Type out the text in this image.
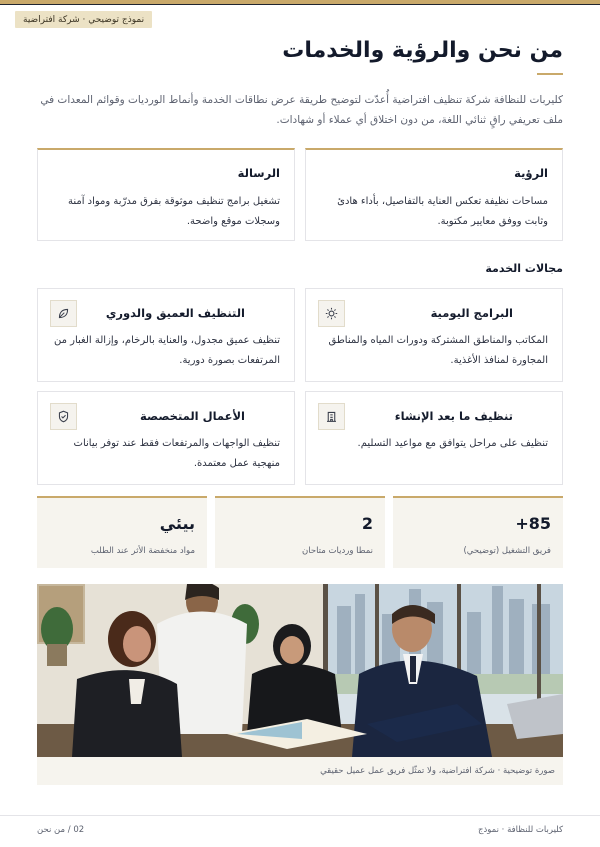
نموذج توضيحي · شركة افتراضية
من نحن والرؤية والخدمات

كليربات للنظافة شركة تنظيف افتراضية أُعدّت لتوضيح طريقة عرض نطاقات الخدمة وأنماط الورديات وقوائم المعدات في ملف تعريفي راقٍ ثنائي اللغة، من دون اختلاق أي عملاء أو شهادات.

الرؤية

مساحات نظيفة تعكس العناية بالتفاصيل، بأداء هادئ وثابت ووفق معايير مكتوبة.

الرسالة

تشغيل برامج تنظيف موثوقة بفرق مدرّبة ومواد آمنة وسجلات موقع واضحة.

مجالات الخدمة
البرامج اليومية

المكاتب والمناطق المشتركة ودورات المياه والمناطق المجاورة لمنافذ الأغذية.

التنظيف العميق والدوري

تنظيف عميق مجدول، والعناية بالرخام، وإزالة الغبار من المرتفعات بصورة دورية.

تنظيف ما بعد الإنشاء

تنظيف على مراحل يتوافق مع مواعيد التسليم.

الأعمال المتخصصة

تنظيف الواجهات والمرتفعات فقط عند توفر بيانات منهجية عمل معتمدة.

+85
فريق التشغيل (توضيحي)
2
نمطا ورديات متاحان
بيئي
مواد منخفضة الأثر عند الطلب
صورة توضيحية · شركة افتراضية، ولا تمثّل فريق عمل عميل حقيقي
كليربات للنظافة · نموذج
02 / من نحن
